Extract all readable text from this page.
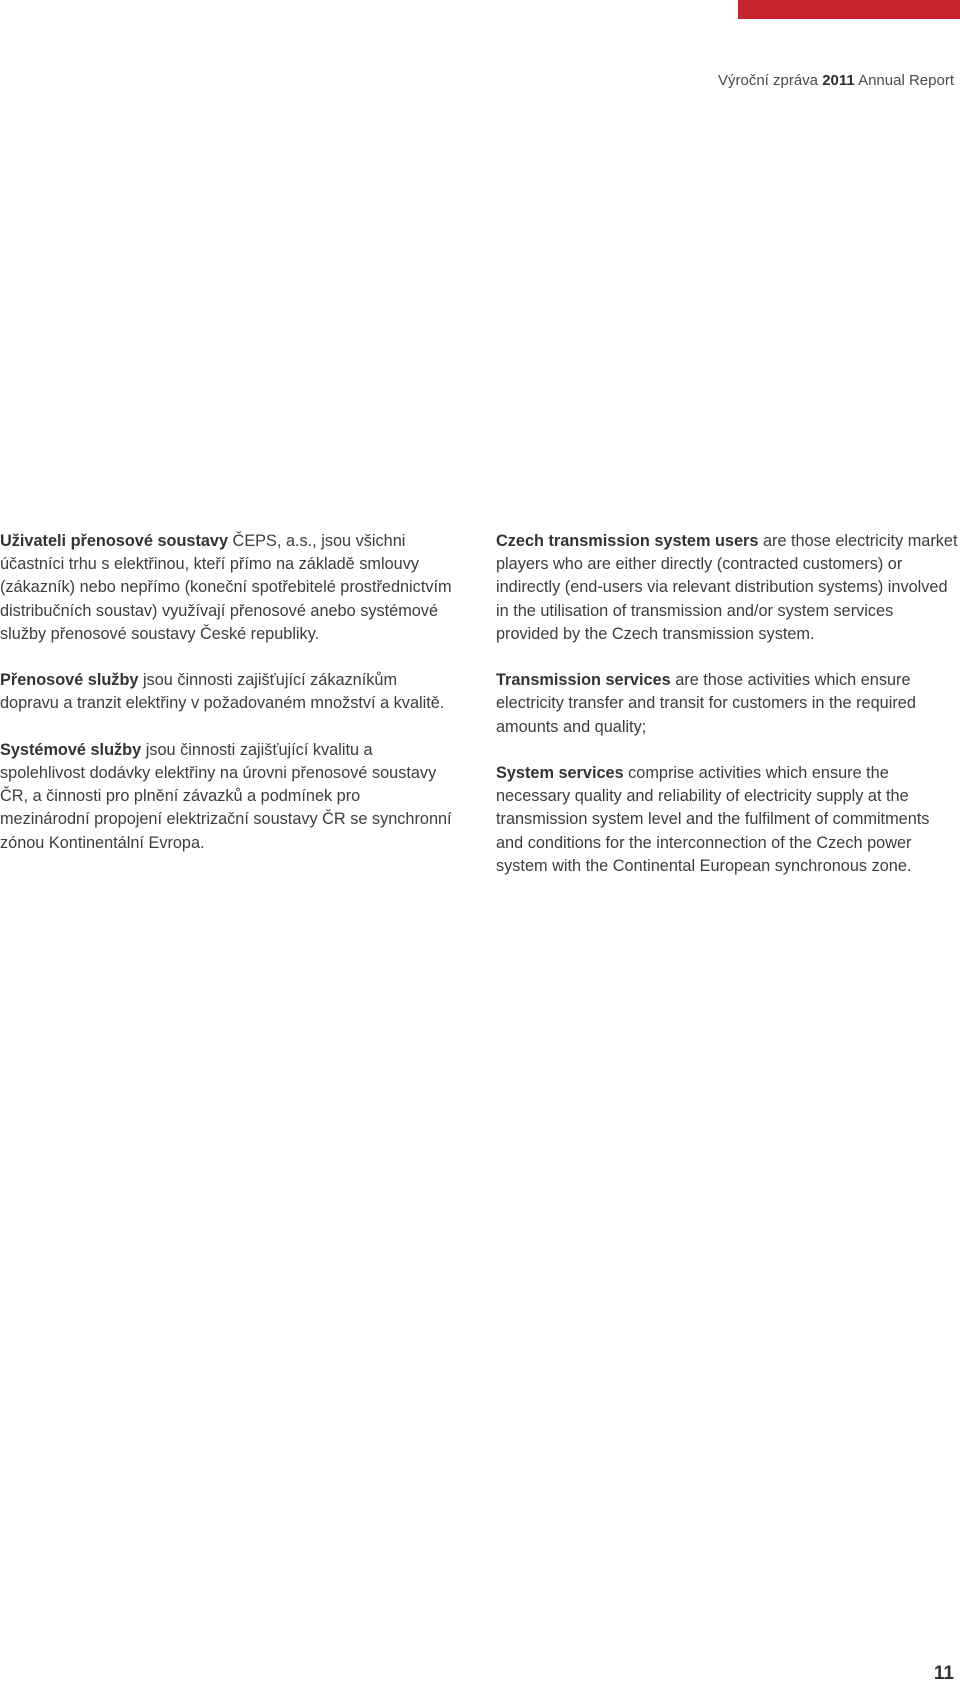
Výroční zpráva 2011 Annual Report

Uživateli přenosové soustavy ČEPS, a.s., jsou všichni účastníci trhu s elektřinou, kteří přímo na základě smlouvy (zákazník) nebo nepřímo (koneční spotřebitelé prostřednictvím distribučních soustav) využívají přenosové anebo systémové služby přenosové soustavy České republiky.

Přenosové služby jsou činnosti zajišťující zákazníkům dopravu a tranzit elektřiny v požadovaném množství a kvalitě.

Systémové služby jsou činnosti zajišťující kvalitu a spolehlivost dodávky elektřiny na úrovni přenosové soustavy ČR, a činnosti pro plnění závazků a podmínek pro mezinárodní propojení elektrizační soustavy ČR se synchronní zónou Kontinentální Evropa.

Czech transmission system users are those electricity market players who are either directly (contracted customers) or indirectly (end-users via relevant distribution systems) involved in the utilisation of transmission and/or system services provided by the Czech transmission system.

Transmission services are those activities which ensure electricity transfer and transit for customers in the required amounts and quality;

System services comprise activities which ensure the necessary quality and reliability of electricity supply at the transmission system level and the fulfilment of commitments and conditions for the interconnection of the Czech power system with the Continental European synchronous zone.

11
